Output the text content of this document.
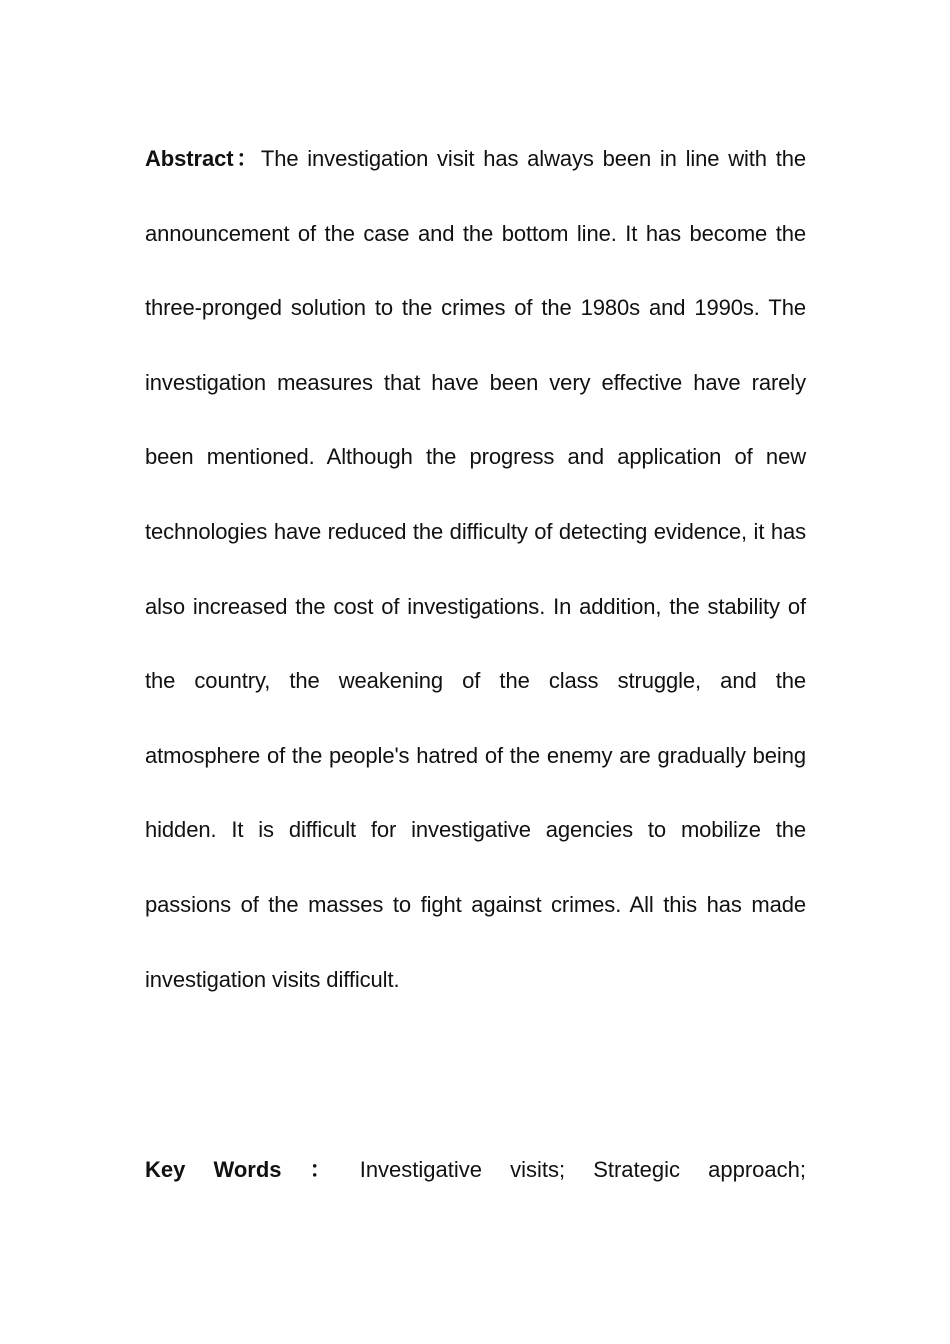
Abstract：The investigation visit has always been in line with the announcement of the case and the bottom line. It has become the three-pronged solution to the crimes of the 1980s and 1990s. The investigation measures that have been very effective have rarely been mentioned. Although the progress and application of new technologies have reduced the difficulty of detecting evidence, it has also increased the cost of investigations. In addition, the stability of the country, the weakening of the class struggle, and the atmosphere of the people's hatred of the enemy are gradually being hidden. It is difficult for investigative agencies to mobilize the passions of the masses to fight against crimes. All this has made investigation visits difficult.

Key Words ： Investigative visits; Strategic approach;
